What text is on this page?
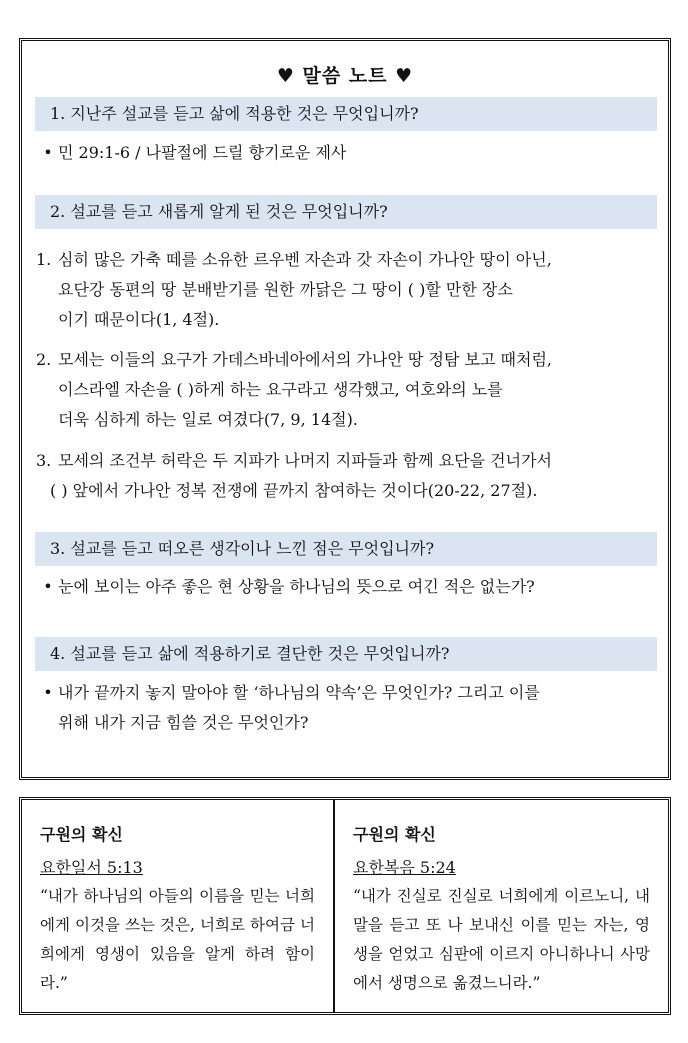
♥ 말씀 노트 ♥
1. 지난주 설교를 듣고 삶에 적용한 것은 무엇입니까?
• 민 29:1-6 / 나팔절에 드릴 향기로운 제사
2. 설교를 듣고 새롭게 알게 된 것은 무엇입니까?
1. 심히 많은 가축 떼를 소유한 르우벤 자손과 갓 자손이 가나안 땅이 아닌,
요단강 동편의 땅 분배받기를 원한 까닭은 그 땅이 ( )할 만한 장소
이기 때문이다(1, 4절).
2. 모세는 이들의 요구가 가데스바네아에서의 가나안 땅 정탐 보고 때처럼,
이스라엘 자손을 ( )하게 하는 요구라고 생각했고, 여호와의 노를
더욱 심하게 하는 일로 여겼다(7, 9, 14절).
3. 모세의 조건부 허락은 두 지파가 나머지 지파들과 함께 요단을 건너가서
( ) 앞에서 가나안 정복 전쟁에 끝까지 참여하는 것이다(20-22, 27절).
3. 설교를 듣고 떠오른 생각이나 느낀 점은 무엇입니까?
• 눈에 보이는 아주 좋은 현 상황을 하나님의 뜻으로 여긴 적은 없는가?
4. 설교를 듣고 삶에 적용하기로 결단한 것은 무엇입니까?
• 내가 끝까지 놓지 말아야 할 ‘하나님의 약속’은 무엇인가? 그리고 이를
위해 내가 지금 힘쓸 것은 무엇인가?
구원의 확신
요한일서 5:13
“내가 하나님의 아들의 이름을 믿는 너희에게 이것을 쓰는 것은, 너희로 하여금 너희에게 영생이 있음을 알게 하려 함이라.”
구원의 확신
요한복음 5:24
“내가 진실로 진실로 너희에게 이르노니, 내 말을 듣고 또 나 보내신 이를 믿는 자는, 영생을 얻었고 심판에 이르지 아니하나니 사망에서 생명으로 옮겼느니라.”
